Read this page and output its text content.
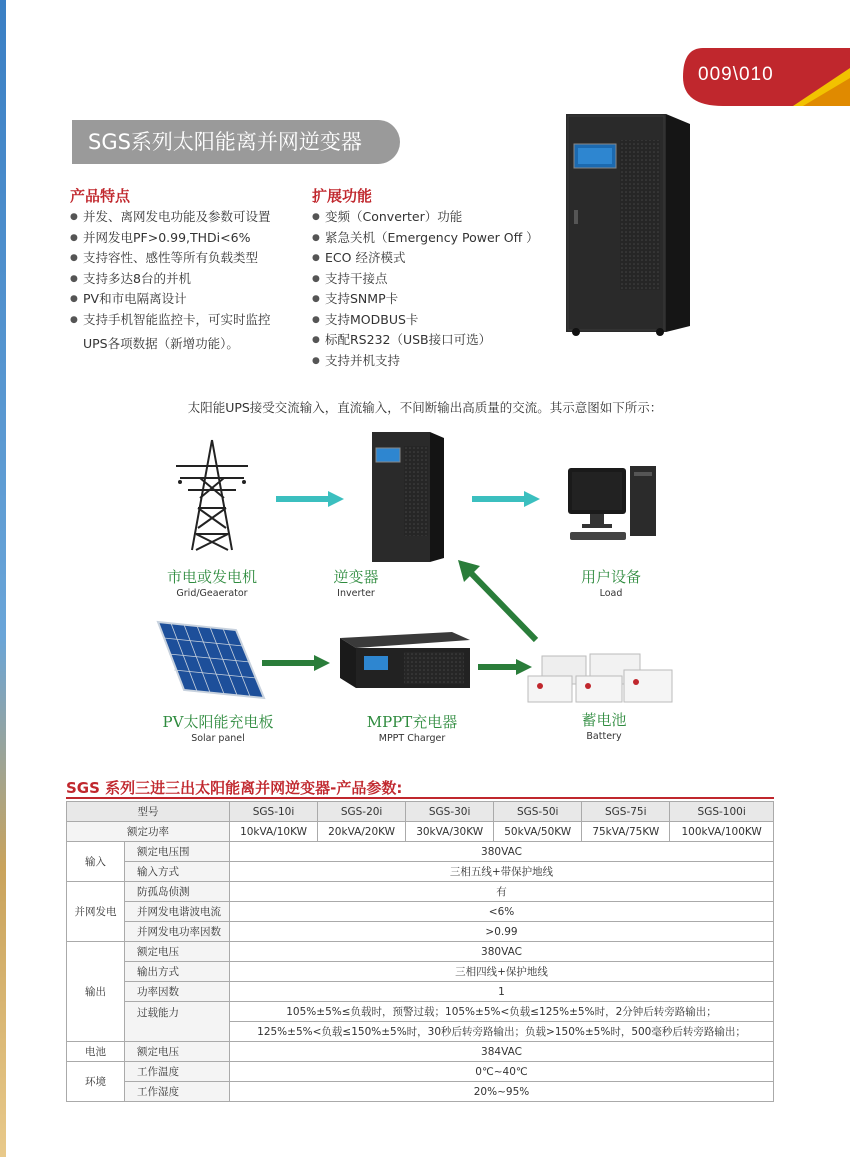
009\010
SGS系列太阳能离并网逆变器
产品特点
● 并发、离网发电功能及参数可设置
● 并网发电PF>0.99,THDi<6%
● 支持容性、感性等所有负载类型
● 支持多达8台的并机
● PV和市电隔离设计
● 支持手机智能监控卡，可实时监控
UPS各项数据（新增功能）。
扩展功能
● 变频（Converter）功能
● 紧急关机（Emergency Power Off ）
● ECO 经济模式
● 支持干接点
● 支持SNMP卡
● 支持MODBUS卡
● 标配RS232（USB接口可选）
● 支持并机支持
太阳能UPS接受交流输入，直流输入，不间断输出高质量的交流。其示意图如下所示：
市电或发电机
Grid/Geaerator
逆变器
Inverter
用户设备
Load
PV太阳能充电板
Solar panel
MPPT充电器
MPPT Charger
蓄电池
Battery
SGS 系列三进三出太阳能离并网逆变器-产品参数:
型号		SGS-10i	SGS-20i	SGS-30i	SGS-50i	SGS-75i	SGS-100i
额定功率		10kVA/10KW	20kVA/20KW	30kVA/30KW	50kVA/50KW	75kVA/75KW	100kVA/100KW
输入	额定电压围	380VAC					
	输入方式	三相五线+带保护地线					
并网发电	防孤岛侦测	有					
	并网发电谐波电流	<6%					
	并网发电功率因数	>0.99					
输出	额定电压	380VAC					
	输出方式	三相四线+保护地线					
	功率因数	1					
	过载能力	105%±5%≤负载时，预警过载；105%±5%<负载≤125%±5%时，2分钟后转旁路输出；					
		125%±5%<负载≤150%±5%时，30秒后转旁路输出；负载>150%±5%时，500毫秒后转旁路输出；					
电池	额定电压	384VAC					
环境	工作温度	0℃~40℃					
	工作湿度	20%~95%					
